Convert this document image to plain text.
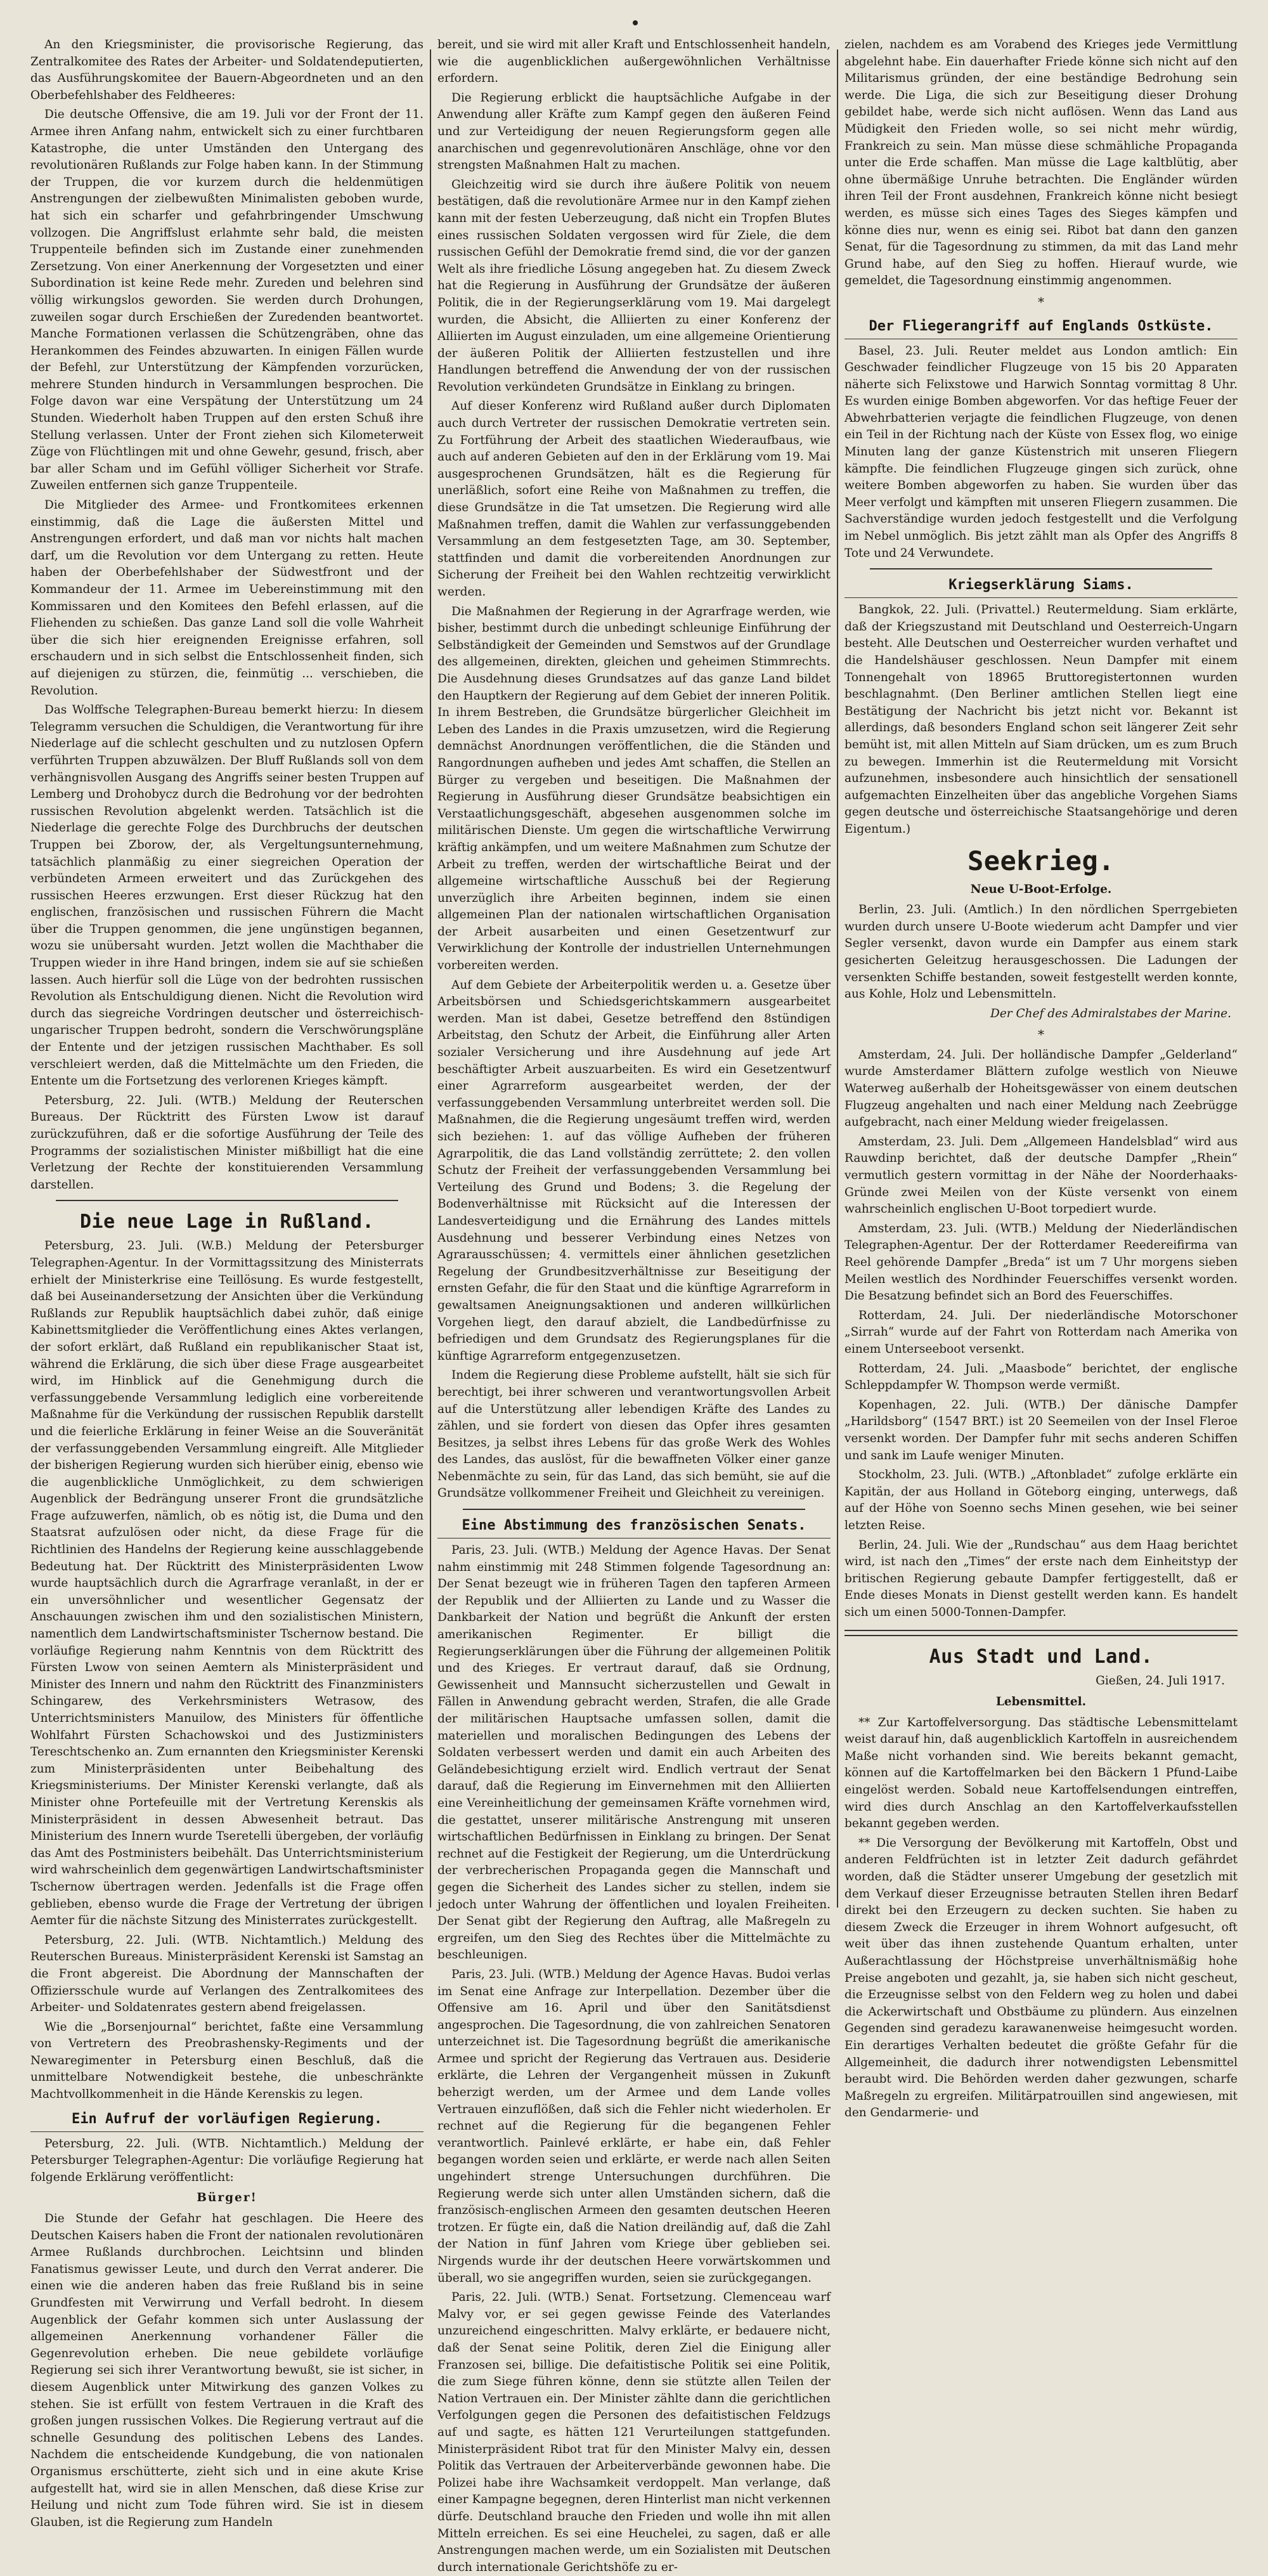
An den Kriegsminister, die provisorische Regierung, das Zentralkomitee des Rates der Arbeiter- und Soldatendeputierten, das Ausführungskomitee der Bauern-Abgeordneten und an den Oberbefehlshaber des Feldheeres:

Die deutsche Offensive, die am 19. Juli vor der Front der 11. Armee ihren Anfang nahm, entwickelt sich zu einer furchtbaren Katastrophe, die unter Umständen den Untergang des revolutionären Rußlands zur Folge haben kann. In der Stimmung der Truppen, die vor kurzem durch die heldenmütigen Anstrengungen der zielbewußten Minimalisten geboben wurde, hat sich ein scharfer und gefahrbringender Umschwung vollzogen. Die Angriffslust erlahmte sehr bald, die meisten Truppenteile befinden sich im Zustande einer zunehmenden Zersetzung. Von einer Anerkennung der Vorgesetzten und einer Subordination ist keine Rede mehr. Zureden und belehren sind völlig wirkungslos geworden. Sie werden durch Drohungen, zuweilen sogar durch Erschießen der Zuredenden beantwortet. Manche Formationen verlassen die Schützengräben, ohne das Herankommen des Feindes abzuwarten. In einigen Fällen wurde der Befehl, zur Unterstützung der Kämpfenden vorzurücken, mehrere Stunden hindurch in Versammlungen besprochen. Die Folge davon war eine Verspätung der Unterstützung um 24 Stunden. Wiederholt haben Truppen auf den ersten Schuß ihre Stellung verlassen. Unter der Front ziehen sich Kilometerweit Züge von Flüchtlingen mit und ohne Gewehr, gesund, frisch, aber bar aller Scham und im Gefühl völliger Sicherheit vor Strafe. Zuweilen entfernen sich ganze Truppenteile.

Die Mitglieder des Armee- und Frontkomitees erkennen einstimmig, daß die Lage die äußersten Mittel und Anstrengungen erfordert, und daß man vor nichts halt machen darf, um die Revolution vor dem Untergang zu retten. Heute haben der Oberbefehlshaber der Südwestfront und der Kommandeur der 11. Armee im Uebereinstimmung mit den Kommissaren und den Komitees den Befehl erlassen, auf die Fliehenden zu schießen. Das ganze Land soll die volle Wahrheit über die sich hier ereignenden Ereignisse erfahren, soll erschaudern und in sich selbst die Entschlossenheit finden, sich auf diejenigen zu stürzen, die, feinmütig ... verschieben, die Revolution.

Das Wolffsche Telegraphen-Bureau bemerkt hierzu: In diesem Telegramm versuchen die Schuldigen, die Verantwortung für ihre Niederlage auf die schlecht geschulten und zu nutzlosen Opfern verführten Truppen abzuwälzen. Der Bluff Rußlands soll von dem verhängnisvollen Ausgang des Angriffs seiner besten Truppen auf Lemberg und Drohobycz durch die Bedrohung vor der bedrohten russischen Revolution abgelenkt werden. Tatsächlich ist die Niederlage die gerechte Folge des Durchbruchs der deutschen Truppen bei Zborow, der, als Vergeltungsunternehmung, tatsächlich planmäßig zu einer siegreichen Operation der verbündeten Armeen erweitert und das Zurückgehen des russischen Heeres erzwungen. Erst dieser Rückzug hat den englischen, französischen und russischen Führern die Macht über die Truppen genommen, die jene ungünstigen begannen, wozu sie unübersaht wurden. Jetzt wollen die Machthaber die Truppen wieder in ihre Hand bringen, indem sie auf sie schießen lassen. Auch hierfür soll die Lüge von der bedrohten russischen Revolution als Entschuldigung dienen. Nicht die Revolution wird durch das siegreiche Vordringen deutscher und österreichisch-ungarischer Truppen bedroht, sondern die Verschwörungspläne der Entente und der jetzigen russischen Machthaber. Es soll verschleiert werden, daß die Mittelmächte um den Frieden, die Entente um die Fortsetzung des verlorenen Krieges kämpft.

Petersburg, 22. Juli. (WTB.) Meldung der Reuterschen Bureaus. Der Rücktritt des Fürsten Lwow ist darauf zurückzuführen, daß er die sofortige Ausführung der Teile des Programms der sozialistischen Minister mißbilligt hat die eine Verletzung der Rechte der konstituierenden Versammlung darstellen.

Die neue Lage in Rußland.

Petersburg, 23. Juli. (W.B.) Meldung der Petersburger Telegraphen-Agentur. In der Vormittagssitzung des Ministerrats erhielt der Ministerkrise eine Teillösung. Es wurde festgestellt, daß bei Auseinandersetzung der Ansichten über die Verkündung Rußlands zur Republik hauptsächlich dabei zuhör, daß einige Kabinettsmitglieder die Veröffentlichung eines Aktes verlangen, der sofort erklärt, daß Rußland ein republikanischer Staat ist, während die Erklärung, die sich über diese Frage ausgearbeitet wird, im Hinblick auf die Genehmigung durch die verfassunggebende Versammlung lediglich eine vorbereitende Maßnahme für die Verkündung der russischen Republik darstellt und die feierliche Erklärung in feiner Weise an die Souveränität der verfassunggebenden Versammlung eingreift. Alle Mitglieder der bisherigen Regierung wurden sich hierüber einig, ebenso wie die augenblickliche Unmöglichkeit, zu dem schwierigen Augenblick der Bedrängung unserer Front die grundsätzliche Frage aufzuwerfen, nämlich, ob es nötig ist, die Duma und den Staatsrat aufzulösen oder nicht, da diese Frage für die Richtlinien des Handelns der Regierung keine ausschlaggebende Bedeutung hat. Der Rücktritt des Ministerpräsidenten Lwow wurde hauptsächlich durch die Agrarfrage veranlaßt, in der er ein unversöhnlicher und wesentlicher Gegensatz der Anschauungen zwischen ihm und den sozialistischen Ministern, namentlich dem Landwirtschaftsminister Tschernow bestand. Die vorläufige Regierung nahm Kenntnis von dem Rücktritt des Fürsten Lwow von seinen Aemtern als Ministerpräsident und Minister des Innern und nahm den Rücktritt des Finanzministers Schingarew, des Verkehrsministers Wetrasow, des Unterrichtsministers Manuilow, des Ministers für öffentliche Wohlfahrt Fürsten Schachowskoi und des Justizministers Tereschtschenko an. Zum ernannten den Kriegsminister Kerenski zum Ministerpräsidenten unter Beibehaltung des Kriegsministeriums. Der Minister Kerenski verlangte, daß als Minister ohne Portefeuille mit der Vertretung Kerenskis als Ministerpräsident in dessen Abwesenheit betraut. Das Ministerium des Innern wurde Tseretelli übergeben, der vorläufig das Amt des Postministers beibehält. Das Unterrichtsministerium wird wahrscheinlich dem gegenwärtigen Landwirtschaftsminister Tschernow übertragen werden. Jedenfalls ist die Frage offen geblieben, ebenso wurde die Frage der Vertretung der übrigen Aemter für die nächste Sitzung des Ministerrates zurückgestellt.

Petersburg, 22. Juli. (WTB. Nichtamtlich.) Meldung des Reuterschen Bureaus. Ministerpräsident Kerenski ist Samstag an die Front abgereist. Die Abordnung der Mannschaften der Offiziersschule wurde auf Verlangen des Zentralkomitees des Arbeiter- und Soldatenrates gestern abend freigelassen.

Wie die „Borsenjournal“ berichtet, faßte eine Versammlung von Vertretern des Preobrashensky-Regiments und der Newaregimenter in Petersburg einen Beschluß, daß die unmittelbare Notwendigkeit bestehe, die unbeschränkte Machtvollkommenheit in die Hände Kerenskis zu legen.

Ein Aufruf der vorläufigen Regierung.

Petersburg, 22. Juli. (WTB. Nichtamtlich.) Meldung der Petersburger Telegraphen-Agentur: Die vorläufige Regierung hat folgende Erklärung veröffentlicht:

Bürger!

Die Stunde der Gefahr hat geschlagen. Die Heere des Deutschen Kaisers haben die Front der nationalen revolutionären Armee Rußlands durchbrochen. Leichtsinn und blinden Fanatismus gewisser Leute, und durch den Verrat anderer. Die einen wie die anderen haben das freie Rußland bis in seine Grundfesten mit Verwirrung und Verfall bedroht. In diesem Augenblick der Gefahr kommen sich unter Auslassung der allgemeinen Anerkennung vorhandener Fäller die Gegenrevolution erheben. Die neue gebildete vorläufige Regierung sei sich ihrer Verantwortung bewußt, sie ist sicher, in diesem Augenblick unter Mitwirkung des ganzen Volkes zu stehen. Sie ist erfüllt von festem Vertrauen in die Kraft des großen jungen russischen Volkes. Die Regierung vertraut auf die schnelle Gesundung des politischen Lebens des Landes. Nachdem die entscheidende Kundgebung, die von nationalen Organismus erschütterte, zieht sich und in eine akute Krise aufgestellt hat, wird sie in allen Menschen, daß diese Krise zur Heilung und nicht zum Tode führen wird. Sie ist in diesem Glauben, ist die Regierung zum Handeln

bereit, und sie wird mit aller Kraft und Entschlossenheit handeln, wie die augenblicklichen außergewöhnlichen Verhältnisse erfordern.

Die Regierung erblickt die hauptsächliche Aufgabe in der Anwendung aller Kräfte zum Kampf gegen den äußeren Feind und zur Verteidigung der neuen Regierungsform gegen alle anarchischen und gegenrevolutionären Anschläge, ohne vor den strengsten Maßnahmen Halt zu machen.

Gleichzeitig wird sie durch ihre äußere Politik von neuem bestätigen, daß die revolutionäre Armee nur in den Kampf ziehen kann mit der festen Ueberzeugung, daß nicht ein Tropfen Blutes eines russischen Soldaten vergossen wird für Ziele, die dem russischen Gefühl der Demokratie fremd sind, die vor der ganzen Welt als ihre friedliche Lösung angegeben hat. Zu diesem Zweck hat die Regierung in Ausführung der Grundsätze der äußeren Politik, die in der Regierungserklärung vom 19. Mai dargelegt wurden, die Absicht, die Alliierten zu einer Konferenz der Alliierten im August einzuladen, um eine allgemeine Orientierung der äußeren Politik der Alliierten festzustellen und ihre Handlungen betreffend die Anwendung der von der russischen Revolution verkündeten Grundsätze in Einklang zu bringen.

Auf dieser Konferenz wird Rußland außer durch Diplomaten auch durch Vertreter der russischen Demokratie vertreten sein. Zu Fortführung der Arbeit des staatlichen Wiederaufbaus, wie auch auf anderen Gebieten auf den in der Erklärung vom 19. Mai ausgesprochenen Grundsätzen, hält es die Regierung für unerläßlich, sofort eine Reihe von Maßnahmen zu treffen, die diese Grundsätze in die Tat umsetzen. Die Regierung wird alle Maßnahmen treffen, damit die Wahlen zur verfassunggebenden Versammlung an dem festgesetzten Tage, am 30. September, stattfinden und damit die vorbereitenden Anordnungen zur Sicherung der Freiheit bei den Wahlen rechtzeitig verwirklicht werden.

Die Maßnahmen der Regierung in der Agrarfrage werden, wie bisher, bestimmt durch die unbedingt schleunige Einführung der Selbständigkeit der Gemeinden und Semstwos auf der Grundlage des allgemeinen, direkten, gleichen und geheimen Stimmrechts. Die Ausdehnung dieses Grundsatzes auf das ganze Land bildet den Hauptkern der Regierung auf dem Gebiet der inneren Politik. In ihrem Bestreben, die Grundsätze bürgerlicher Gleichheit im Leben des Landes in die Praxis umzusetzen, wird die Regierung demnächst Anordnungen veröffentlichen, die die Ständen und Rangordnungen aufheben und jedes Amt schaffen, die Stellen an Bürger zu vergeben und beseitigen. Die Maßnahmen der Regierung in Ausführung dieser Grundsätze beabsichtigen ein Verstaatlichungsgeschäft, abgesehen ausgenommen solche im militärischen Dienste. Um gegen die wirtschaftliche Verwirrung kräftig ankämpfen, und um weitere Maßnahmen zum Schutze der Arbeit zu treffen, werden der wirtschaftliche Beirat und der allgemeine wirtschaftliche Ausschuß bei der Regierung unverzüglich ihre Arbeiten beginnen, indem sie einen allgemeinen Plan der nationalen wirtschaftlichen Organisation der Arbeit ausarbeiten und einen Gesetzentwurf zur Verwirklichung der Kontrolle der industriellen Unternehmungen vorbereiten werden.

Auf dem Gebiete der Arbeiterpolitik werden u. a. Gesetze über Arbeitsbörsen und Schiedsgerichtskammern ausgearbeitet werden. Man ist dabei, Gesetze betreffend den 8stündigen Arbeitstag, den Schutz der Arbeit, die Einführung aller Arten sozialer Versicherung und ihre Ausdehnung auf jede Art beschäftigter Arbeit auszuarbeiten. Es wird ein Gesetzentwurf einer Agrarreform ausgearbeitet werden, der der verfassunggebenden Versammlung unterbreitet werden soll. Die Maßnahmen, die die Regierung ungesäumt treffen wird, werden sich beziehen: 1. auf das völlige Aufheben der früheren Agrarpolitik, die das Land vollständig zerrüttete; 2. den vollen Schutz der Freiheit der verfassunggebenden Versammlung bei Verteilung des Grund und Bodens; 3. die Regelung der Bodenverhältnisse mit Rücksicht auf die Interessen der Landesverteidigung und die Ernährung des Landes mittels Ausdehnung und besserer Verbindung eines Netzes von Agrarausschüssen; 4. vermittels einer ähnlichen gesetzlichen Regelung der Grundbesitzverhältnisse zur Beseitigung der ernsten Gefahr, die für den Staat und die künftige Agrarreform in gewaltsamen Aneignungsaktionen und anderen willkürlichen Vorgehen liegt, den darauf abzielt, die Landbedürfnisse zu befriedigen und dem Grundsatz des Regierungsplanes für die künftige Agrarreform entgegenzusetzen.

Indem die Regierung diese Probleme aufstellt, hält sie sich für berechtigt, bei ihrer schweren und verantwortungsvollen Arbeit auf die Unterstützung aller lebendigen Kräfte des Landes zu zählen, und sie fordert von diesen das Opfer ihres gesamten Besitzes, ja selbst ihres Lebens für das große Werk des Wohles des Landes, das auslöst, für die bewaffneten Völker einer ganze Nebenmächte zu sein, für das Land, das sich bemüht, sie auf die Grundsätze vollkommener Freiheit und Gleichheit zu vereinigen.

Eine Abstimmung des französischen Senats.

Paris, 23. Juli. (WTB.) Meldung der Agence Havas. Der Senat nahm einstimmig mit 248 Stimmen folgende Tagesordnung an: Der Senat bezeugt wie in früheren Tagen den tapferen Armeen der Republik und der Alliierten zu Lande und zu Wasser die Dankbarkeit der Nation und begrüßt die Ankunft der ersten amerikanischen Regimenter. Er billigt die Regierungserklärungen über die Führung der allgemeinen Politik und des Krieges. Er vertraut darauf, daß sie Ordnung, Gewissenheit und Mannsucht sicherzustellen und Gewalt in Fällen in Anwendung gebracht werden, Strafen, die alle Grade der militärischen Hauptsache umfassen sollen, damit die materiellen und moralischen Bedingungen des Lebens der Soldaten verbessert werden und damit ein auch Arbeiten des Geländebesichtigung erzielt wird. Endlich vertraut der Senat darauf, daß die Regierung im Einvernehmen mit den Alliierten eine Vereinheitlichung der gemeinsamen Kräfte vornehmen wird, die gestattet, unserer militärische Anstrengung mit unseren wirtschaftlichen Bedürfnissen in Einklang zu bringen. Der Senat rechnet auf die Festigkeit der Regierung, um die Unterdrückung der verbrecherischen Propaganda gegen die Mannschaft und gegen die Sicherheit des Landes sicher zu stellen, indem sie jedoch unter Wahrung der öffentlichen und loyalen Freiheiten. Der Senat gibt der Regierung den Auftrag, alle Maßregeln zu ergreifen, um den Sieg des Rechtes über die Mittelmächte zu beschleunigen.

Paris, 23. Juli. (WTB.) Meldung der Agence Havas. Budoi verlas im Senat eine Anfrage zur Interpellation. Dezember über die Offensive am 16. April und über den Sanitätsdienst angesprochen. Die Tagesordnung, die von zahlreichen Senatoren unterzeichnet ist. Die Tagesordnung begrüßt die amerikanische Armee und spricht der Regierung das Vertrauen aus. Desiderie erklärte, die Lehren der Vergangenheit müssen in Zukunft beherzigt werden, um der Armee und dem Lande volles Vertrauen einzuflößen, daß sich die Fehler nicht wiederholen. Er rechnet auf die Regierung für die begangenen Fehler verantwortlich. Painlevé erklärte, er habe ein, daß Fehler begangen worden seien und erklärte, er werde nach allen Seiten ungehindert strenge Untersuchungen durchführen. Die Regierung werde sich unter allen Umständen sichern, daß die französisch-englischen Armeen den gesamten deutschen Heeren trotzen. Er fügte ein, daß die Nation dreiländig auf, daß die Zahl der Nation in fünf Jahren vom Kriege über geblieben sei. Nirgends wurde ihr der deutschen Heere vorwärtskommen und überall, wo sie angegriffen wurden, seien sie zurückgegangen.

Paris, 22. Juli. (WTB.) Senat. Fortsetzung. Clemenceau warf Malvy vor, er sei gegen gewisse Feinde des Vaterlandes unzureichend eingeschritten. Malvy erklärte, er bedauere nicht, daß der Senat seine Politik, deren Ziel die Einigung aller Franzosen sei, billige. Die defaitistische Politik sei eine Politik, die zum Siege führen könne, denn sie stützte allen Teilen der Nation Vertrauen ein. Der Minister zählte dann die gerichtlichen Verfolgungen gegen die Personen des defaitistischen Feldzugs auf und sagte, es hätten 121 Verurteilungen stattgefunden. Ministerpräsident Ribot trat für den Minister Malvy ein, dessen Politik das Vertrauen der Arbeiterverbände gewonnen habe. Die Polizei habe ihre Wachsamkeit verdoppelt. Man verlange, daß einer Kampagne begegnen, deren Hinterlist man nicht verkennen dürfe. Deutschland brauche den Frieden und wolle ihn mit allen Mitteln erreichen. Es sei eine Heuchelei, zu sagen, daß er alle Anstrengungen machen werde, um ein Sozialisten mit Deutschen durch internationale Gerichtshöfe zu er-

zielen, nachdem es am Vorabend des Krieges jede Vermittlung abgelehnt habe. Ein dauerhafter Friede könne sich nicht auf den Militarismus gründen, der eine beständige Bedrohung sein werde. Die Liga, die sich zur Beseitigung dieser Drohung gebildet habe, werde sich nicht auflösen. Wenn das Land aus Müdigkeit den Frieden wolle, so sei nicht mehr würdig, Frankreich zu sein. Man müsse diese schmähliche Propaganda unter die Erde schaffen. Man müsse die Lage kaltblütig, aber ohne übermäßige Unruhe betrachten. Die Engländer würden ihren Teil der Front ausdehnen, Frankreich könne nicht besiegt werden, es müsse sich eines Tages des Sieges kämpfen und könne dies nur, wenn es einig sei. Ribot bat dann den ganzen Senat, für die Tagesordnung zu stimmen, da mit das Land mehr Grund habe, auf den Sieg zu hoffen. Hierauf wurde, wie gemeldet, die Tagesordnung einstimmig angenommen.

*
Der Fliegerangriff auf Englands Ostküste.

Basel, 23. Juli. Reuter meldet aus London amtlich: Ein Geschwader feindlicher Flugzeuge von 15 bis 20 Apparaten näherte sich Felixstowe und Harwich Sonntag vormittag 8 Uhr. Es wurden einige Bomben abgeworfen. Vor das heftige Feuer der Abwehrbatterien verjagte die feindlichen Flugzeuge, von denen ein Teil in der Richtung nach der Küste von Essex flog, wo einige Minuten lang der ganze Küstenstrich mit unseren Fliegern kämpfte. Die feindlichen Flugzeuge gingen sich zurück, ohne weitere Bomben abgeworfen zu haben. Sie wurden über das Meer verfolgt und kämpften mit unseren Fliegern zusammen. Die Sachverständige wurden jedoch festgestellt und die Verfolgung im Nebel unmöglich. Bis jetzt zählt man als Opfer des Angriffs 8 Tote und 24 Verwundete.

Kriegserklärung Siams.

Bangkok, 22. Juli. (Privattel.) Reutermeldung. Siam erklärte, daß der Kriegszustand mit Deutschland und Oesterreich-Ungarn besteht. Alle Deutschen und Oesterreicher wurden verhaftet und die Handelshäuser geschlossen. Neun Dampfer mit einem Tonnengehalt von 18965 Bruttoregistertonnen wurden beschlagnahmt. (Den Berliner amtlichen Stellen liegt eine Bestätigung der Nachricht bis jetzt nicht vor. Bekannt ist allerdings, daß besonders England schon seit längerer Zeit sehr bemüht ist, mit allen Mitteln auf Siam drücken, um es zum Bruch zu bewegen. Immerhin ist die Reutermeldung mit Vorsicht aufzunehmen, insbesondere auch hinsichtlich der sensationell aufgemachten Einzelheiten über das angebliche Vorgehen Siams gegen deutsche und österreichische Staatsangehörige und deren Eigentum.)

Seekrieg.
Neue U-Boot-Erfolge.

Berlin, 23. Juli. (Amtlich.) In den nördlichen Sperrgebieten wurden durch unsere U-Boote wiederum acht Dampfer und vier Segler versenkt, davon wurde ein Dampfer aus einem stark gesicherten Geleitzug herausgeschossen. Die Ladungen der versenkten Schiffe bestanden, soweit festgestellt werden konnte, aus Kohle, Holz und Lebensmitteln.

Der Chef des Admiralstabes der Marine.
*

Amsterdam, 24. Juli. Der holländische Dampfer „Gelderland“ wurde Amsterdamer Blättern zufolge westlich von Nieuwe Waterweg außerhalb der Hoheitsgewässer von einem deutschen Flugzeug angehalten und nach einer Meldung nach Zeebrügge aufgebracht, nach einer Meldung wieder freigelassen.

Amsterdam, 23. Juli. Dem „Allgemeen Handelsblad“ wird aus Rauwdinp berichtet, daß der deutsche Dampfer „Rhein“ vermutlich gestern vormittag in der Nähe der Noorderhaaks-Gründe zwei Meilen von der Küste versenkt von einem wahrscheinlich englischen U-Boot torpediert wurde.

Amsterdam, 23. Juli. (WTB.) Meldung der Niederländischen Telegraphen-Agentur. Der der Rotterdamer Reedereifirma van Reel gehörende Dampfer „Breda“ ist um 7 Uhr morgens sieben Meilen westlich des Nordhinder Feuerschiffes versenkt worden. Die Besatzung befindet sich an Bord des Feuerschiffes.

Rotterdam, 24. Juli. Der niederländische Motorschoner „Sirrah“ wurde auf der Fahrt von Rotterdam nach Amerika von einem Unterseeboot versenkt.

Rotterdam, 24. Juli. „Maasbode“ berichtet, der englische Schleppdampfer W. Thompson werde vermißt.

Kopenhagen, 22. Juli. (WTB.) Der dänische Dampfer „Harildsborg“ (1547 BRT.) ist 20 Seemeilen von der Insel Fleroe versenkt worden. Der Dampfer fuhr mit sechs anderen Schiffen und sank im Laufe weniger Minuten.

Stockholm, 23. Juli. (WTB.) „Aftonbladet“ zufolge erklärte ein Kapitän, der aus Holland in Göteborg einging, unterwegs, daß auf der Höhe von Soenno sechs Minen gesehen, wie bei seiner letzten Reise.

Berlin, 24. Juli. Wie der „Rundschau“ aus dem Haag berichtet wird, ist nach den „Times“ der erste nach dem Einheitstyp der britischen Regierung gebaute Dampfer fertiggestellt, daß er Ende dieses Monats in Dienst gestellt werden kann. Es handelt sich um einen 5000-Tonnen-Dampfer.

Aus Stadt und Land.
Gießen, 24. Juli 1917.
Lebensmittel.

** Zur Kartoffelversorgung. Das städtische Lebensmittelamt weist darauf hin, daß augenblicklich Kartoffeln in ausreichendem Maße nicht vorhanden sind. Wie bereits bekannt gemacht, können auf die Kartoffelmarken bei den Bäckern 1 Pfund-Laibe eingelöst werden. Sobald neue Kartoffelsendungen eintreffen, wird dies durch Anschlag an den Kartoffelverkaufsstellen bekannt gegeben werden.

** Die Versorgung der Bevölkerung mit Kartoffeln, Obst und anderen Feldfrüchten ist in letzter Zeit dadurch gefährdet worden, daß die Städter unserer Umgebung der gesetzlich mit dem Verkauf dieser Erzeugnisse betrauten Stellen ihren Bedarf direkt bei den Erzeugern zu decken suchten. Sie haben zu diesem Zweck die Erzeuger in ihrem Wohnort aufgesucht, oft weit über das ihnen zustehende Quantum erhalten, unter Außerachtlassung der Höchstpreise unverhältnismäßig hohe Preise angeboten und gezahlt, ja, sie haben sich nicht gescheut, die Erzeugnisse selbst von den Feldern weg zu holen und dabei die Ackerwirtschaft und Obstbäume zu plündern. Aus einzelnen Gegenden sind geradezu karawanenweise heimgesucht worden. Ein derartiges Verhalten bedeutet die größte Gefahr für die Allgemeinheit, die dadurch ihrer notwendigsten Lebensmittel beraubt wird. Die Behörden werden daher gezwungen, scharfe Maßregeln zu ergreifen. Militärpatrouillen sind angewiesen, mit den Gendarmerie- und
